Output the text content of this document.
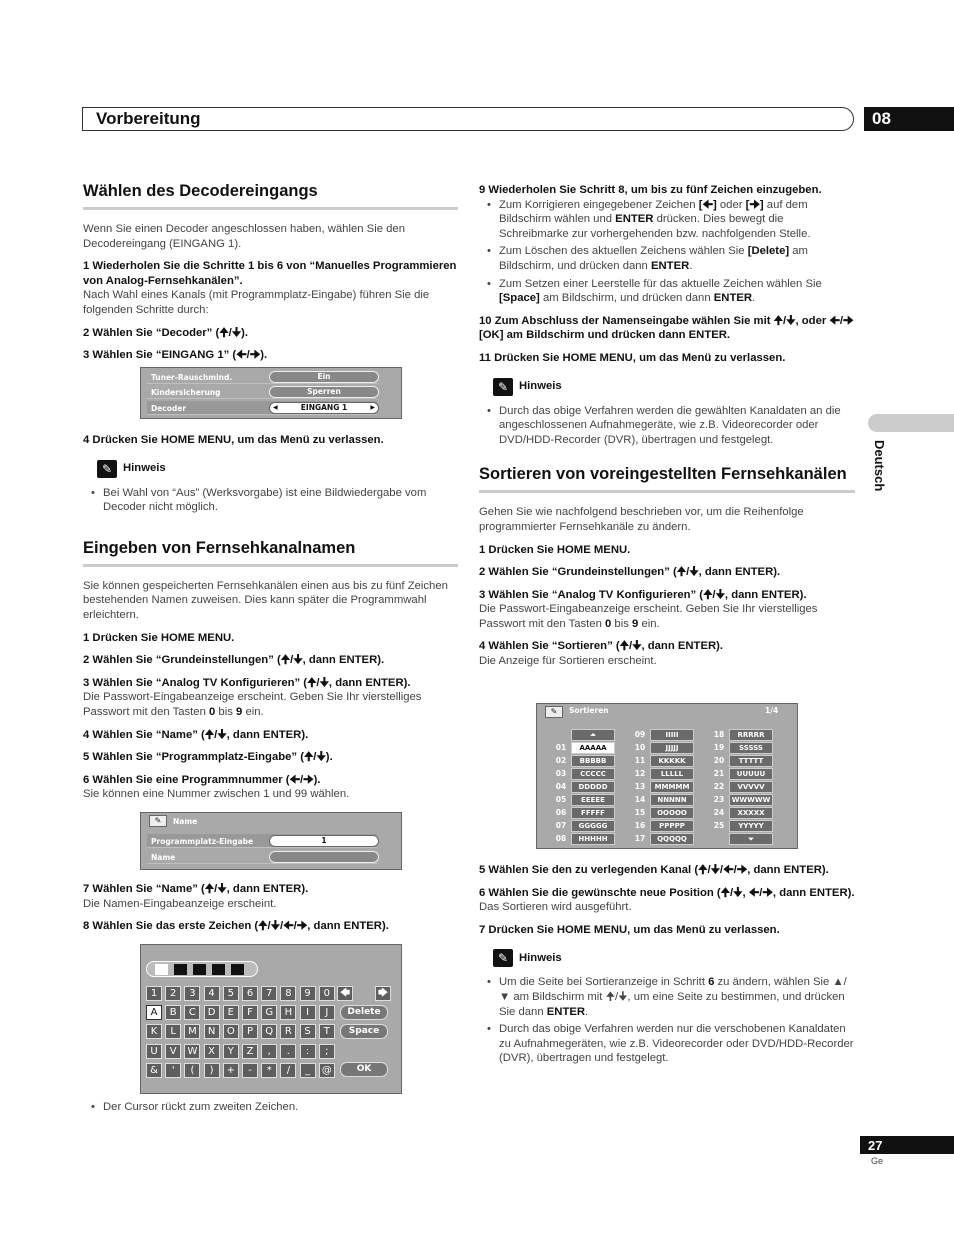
Vorbereitung	08
Deutsch
Wählen des Decodereingangs
Wenn Sie einen Decoder angeschlossen haben, wählen Sie den Decodereingang (EINGANG 1).
1 Wiederholen Sie die Schritte 1 bis 6 von “Manuelles Programmieren von Analog-Fernsehkanälen”.
Nach Wahl eines Kanals (mit Programmplatz-Eingabe) führen Sie die folgenden Schritte durch:
2 Wählen Sie “Decoder” (🠉/🠋).
3 Wählen Sie “EINGANG 1” (🠈/🠊).
Tuner-Rauschmind.	Ein
Kindersicherung	Sperren
Decoder	◀	EINGANG 1	▶
4 Drücken Sie HOME MENU, um das Menü zu verlassen.
✎ Hinweis
• Bei Wahl von “Aus” (Werksvorgabe) ist eine Bildwiedergabe vom Decoder nicht möglich.
Eingeben von Fernsehkanalnamen
Sie können gespeicherten Fernsehkanälen einen aus bis zu fünf Zeichen bestehenden Namen zuweisen. Dies kann später die Programmwahl erleichtern.
1 Drücken Sie HOME MENU.
2 Wählen Sie “Grundeinstellungen” (🠉/🠋, dann ENTER).
3 Wählen Sie “Analog TV Konfigurieren” (🠉/🠋, dann ENTER).
Die Passwort-Eingabeanzeige erscheint. Geben Sie Ihr vierstelliges Passwort mit den Tasten 0 bis 9 ein.
4 Wählen Sie “Name” (🠉/🠋, dann ENTER).
5 Wählen Sie “Programmplatz-Eingabe” (🠉/🠋).
6 Wählen Sie eine Programmnummer (🠈/🠊).
Sie können eine Nummer zwischen 1 und 99 wählen.
✎	Name
Programmplatz-Eingabe	1
Name
7 Wählen Sie “Name” (🠉/🠋, dann ENTER).
Die Namen-Eingabeanzeige erscheint.
8 Wählen Sie das erste Zeichen (🠉/🠋/🠈/🠊, dann ENTER).
1	2	3	4	5	6	7	8	9	0
A	B	C	D	E	F	G	H	I	J
K	L	M	N	O	P	Q	R	S	T
U	V	W	X	Y	Z	,	.	:	;
&	'	(	)	+	-	*	/	_	@
🡄	🡆
Delete
Space
OK
• Der Cursor rückt zum zweiten Zeichen.
9 Wiederholen Sie Schritt 8, um bis zu fünf Zeichen einzugeben.
• Zum Korrigieren eingegebener Zeichen [🠈] oder [🠊] auf dem Bildschirm wählen und ENTER drücken. Dies bewegt die Schreibmarke zur vorhergehenden bzw. nachfolgenden Stelle.
• Zum Löschen des aktuellen Zeichens wählen Sie [Delete] am Bildschirm, und drücken dann ENTER.
• Zum Setzen einer Leerstelle für das aktuelle Zeichen wählen Sie [Space] am Bildschirm, und drücken dann ENTER.
10 Zum Abschluss der Namenseingabe wählen Sie mit 🠉/🠋, oder 🠈/🠊 [OK] am Bildschirm und drücken dann ENTER.
11 Drücken Sie HOME MENU, um das Menü zu verlassen.
✎ Hinweis
• Durch das obige Verfahren werden die gewählten Kanaldaten an die angeschlossenen Aufnahmegeräte, wie z.B. Videorecorder oder DVD/HDD-Recorder (DVR), übertragen und festgelegt.
Sortieren von voreingestellten Fernsehkanälen
Gehen Sie wie nachfolgend beschrieben vor, um die Reihenfolge programmierter Fernsehkanäle zu ändern.
1 Drücken Sie HOME MENU.
2 Wählen Sie “Grundeinstellungen” (🠉/🠋, dann ENTER).
3 Wählen Sie “Analog TV Konfigurieren” (🠉/🠋, dann ENTER).
Die Passwort-Eingabeanzeige erscheint. Geben Sie Ihr vierstelliges Passwort mit den Tasten 0 bis 9 ein.
4 Wählen Sie “Sortieren” (🠉/🠋, dann ENTER).
Die Anzeige für Sortieren erscheint.
✎	Sortieren	1/4
⏶
⏷
01	AAAAA
02	BBBBB
03	CCCCC
04	DDDDD
05	EEEEE
06	FFFFF
07	GGGGG
08	HHHHH
09	IIIII
10	JJJJJ
11	KKKKK
12	LLLLL
13	MMMMM
14	NNNNN
15	OOOOO
16	PPPPP
17	QQQQQ
18	RRRRR
19	SSSSS
20	TTTTT
21	UUUUU
22	VVVVV
23	WWWWW
24	XXXXX
25	YYYYY
5 Wählen Sie den zu verlegenden Kanal (🠉/🠋/🠈/🠊, dann ENTER).
6 Wählen Sie die gewünschte neue Position (🠉/🠋, 🠈/🠊, dann ENTER).
Das Sortieren wird ausgeführt.
7 Drücken Sie HOME MENU, um das Menü zu verlassen.
✎ Hinweis
• Um die Seite bei Sortieranzeige in Schritt 6 zu ändern, wählen Sie ▲/▼ am Bildschirm mit 🠉/🠋, um eine Seite zu bestimmen, und drücken Sie dann ENTER.
• Durch das obige Verfahren werden nur die verschobenen Kanaldaten zu Aufnahmegeräten, wie z.B. Videorecorder oder DVD/HDD-Recorder (DVR), übertragen und festgelegt.
27
Ge
